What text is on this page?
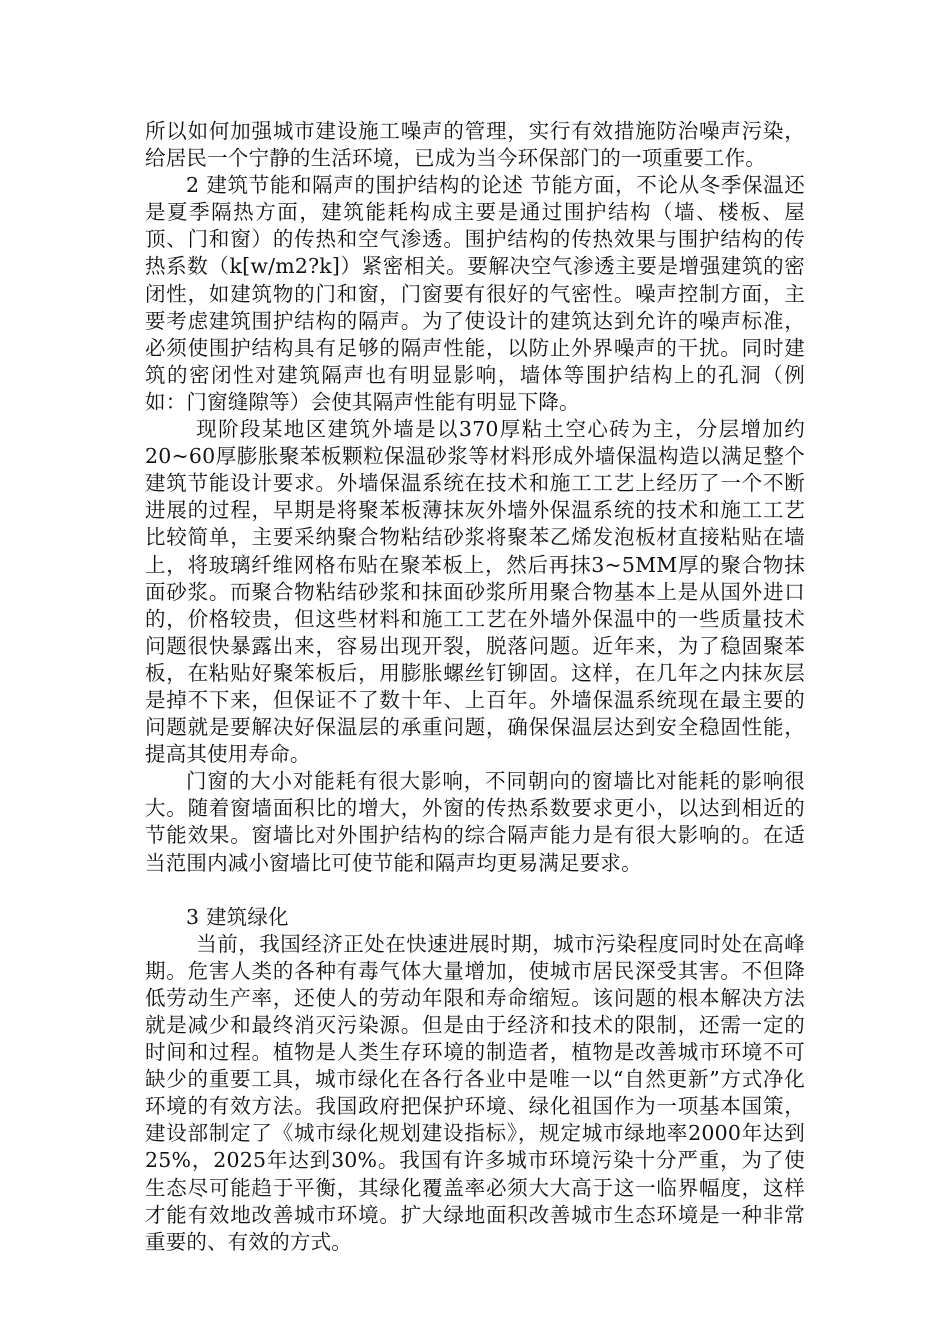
所以如何加强城市建设施工噪声的管理，实行有效措施防治噪声污染，给居民一个宁静的生活环境，已成为当今环保部门的一项重要工作。

2 建筑节能和隔声的围护结构的论述 节能方面，不论从冬季保温还是夏季隔热方面，建筑能耗构成主要是通过围护结构（墙、楼板、屋顶、门和窗）的传热和空气渗透。围护结构的传热效果与围护结构的传热系数（k[w/m2?k]）紧密相关。要解决空气渗透主要是增强建筑的密闭性，如建筑物的门和窗，门窗要有很好的气密性。噪声控制方面，主要考虑建筑围护结构的隔声。为了使设计的建筑达到允许的噪声标准，必须使围护结构具有足够的隔声性能，以防止外界噪声的干扰。同时建筑的密闭性对建筑隔声也有明显影响，墙体等围护结构上的孔洞（例如：门窗缝隙等）会使其隔声性能有明显下降。

现阶段某地区建筑外墙是以370厚粘土空心砖为主，分层增加约20~60厚膨胀聚苯板颗粒保温砂浆等材料形成外墙保温构造以满足整个建筑节能设计要求。外墙保温系统在技术和施工工艺上经历了一个不断进展的过程，早期是将聚苯板薄抹灰外墙外保温系统的技术和施工工艺比较简单，主要采纳聚合物粘结砂浆将聚苯乙烯发泡板材直接粘贴在墙上，将玻璃纤维网格布贴在聚苯板上，然后再抹3~5MM厚的聚合物抹面砂浆。而聚合物粘结砂浆和抹面砂浆所用聚合物基本上是从国外进口的，价格较贵，但这些材料和施工工艺在外墙外保温中的一些质量技术问题很快暴露出来，容易出现开裂，脱落问题。近年来，为了稳固聚苯板，在粘贴好聚笨板后，用膨胀螺丝钉铆固。这样，在几年之内抹灰层是掉不下来，但保证不了数十年、上百年。外墙保温系统现在最主要的问题就是要解决好保温层的承重问题，确保保温层达到安全稳固性能，提高其使用寿命。

门窗的大小对能耗有很大影响，不同朝向的窗墙比对能耗的影响很大。随着窗墙面积比的增大，外窗的传热系数要求更小，以达到相近的节能效果。窗墙比对外围护结构的综合隔声能力是有很大影响的。在适当范围内减小窗墙比可使节能和隔声均更易满足要求。

3 建筑绿化

当前，我国经济正处在快速进展时期，城市污染程度同时处在高峰期。危害人类的各种有毒气体大量增加，使城市居民深受其害。不但降低劳动生产率，还使人的劳动年限和寿命缩短。该问题的根本解决方法就是减少和最终消灭污染源。但是由于经济和技术的限制，还需一定的时间和过程。植物是人类生存环境的制造者，植物是改善城市环境不可缺少的重要工具，城市绿化在各行各业中是唯一以“自然更新”方式净化环境的有效方法。我国政府把保护环境、绿化祖国作为一项基本国策，建设部制定了《城市绿化规划建设指标》，规定城市绿地率2000年达到25%，2025年达到30%。我国有许多城市环境污染十分严重，为了使生态尽可能趋于平衡，其绿化覆盖率必须大大高于这一临界幅度，这样才能有效地改善城市环境。扩大绿地面积改善城市生态环境是一种非常重要的、有效的方式。
